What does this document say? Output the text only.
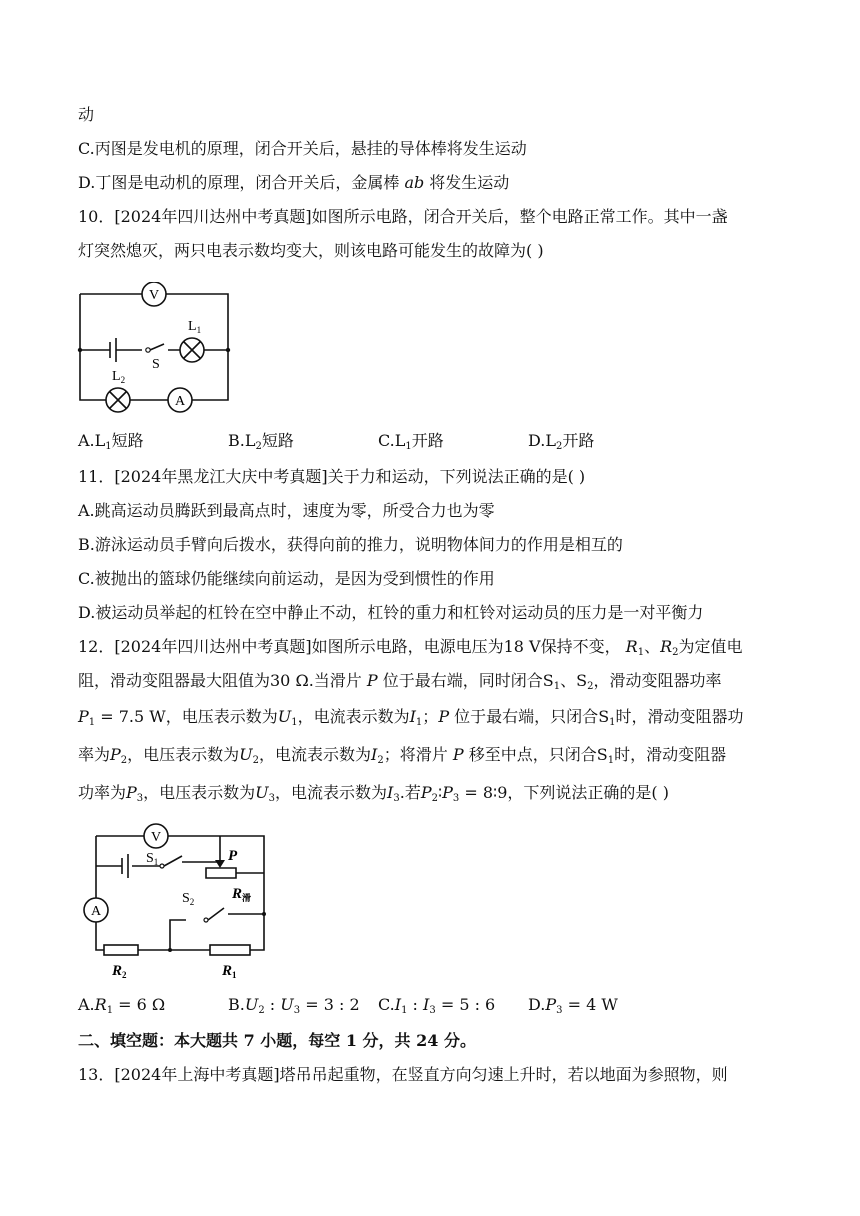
动
C.丙图是发电机的原理，闭合开关后，悬挂的导体棒将发生运动
D.丁图是电动机的原理，闭合开关后，金属棒 ab 将发生运动
10．[2024年四川达州中考真题]如图所示电路，闭合开关后，整个电路正常工作。其中一盏
灯突然熄灭，两只电表示数均变大，则该电路可能发生的故障为( )
V
A
$L_1$
$L_2$
S
$A.L_1$短路	$B.L_2$短路	$C.L_1$开路	$D.L_2$开路
11．[2024年黑龙江大庆中考真题]关于力和运动，下列说法正确的是( )
A.跳高运动员腾跃到最高点时，速度为零，所受合力也为零
B.游泳运动员手臂向后拨水，获得向前的推力，说明物体间力的作用是相互的
C.被抛出的篮球仍能继续向前运动，是因为受到惯性的作用
D.被运动员举起的杠铃在空中静止不动，杠铃的重力和杠铃对运动员的压力是一对平衡力
12．[2024年四川达州中考真题]如图所示电路，电源电压为18 V保持不变， $R_1$、$R_2$为定值电
阻，滑动变阻器最大阻值为30 Ω.当滑片 P 位于最右端，同时闭合$S_1$、$S_2$，滑动变阻器功率
$P_1 = 7.5$ W，电压表示数为$U_1$，电流表示数为$I_1$；P 位于最右端，只闭合$S_1$时，滑动变阻器功
率为$P_2$，电压表示数为$U_2$，电流表示数为$I_2$；将滑片 P 移至中点，只闭合$S_1$时，滑动变阻器
功率为$P_3$，电压表示数为$U_3$，电流表示数为$I_3$.若$P_2∶P_3$ = 8∶9，下列说法正确的是( )
V
A
$S_1$
$S_2$
P
$R_滑$
$R_2$	$R_1$
$A.R_1 = 6$ Ω	$B.U_2$ : $U_3 = 3$ : 2 $C.I_1$ : $I_3 = 5$ : 6 $D.P_3 = 4$ W
二、填空题：本大题共 7 小题，每空 1 分，共 24 分。
13．[2024年上海中考真题]塔吊吊起重物，在竖直方向匀速上升时，若以地面为参照物，则
